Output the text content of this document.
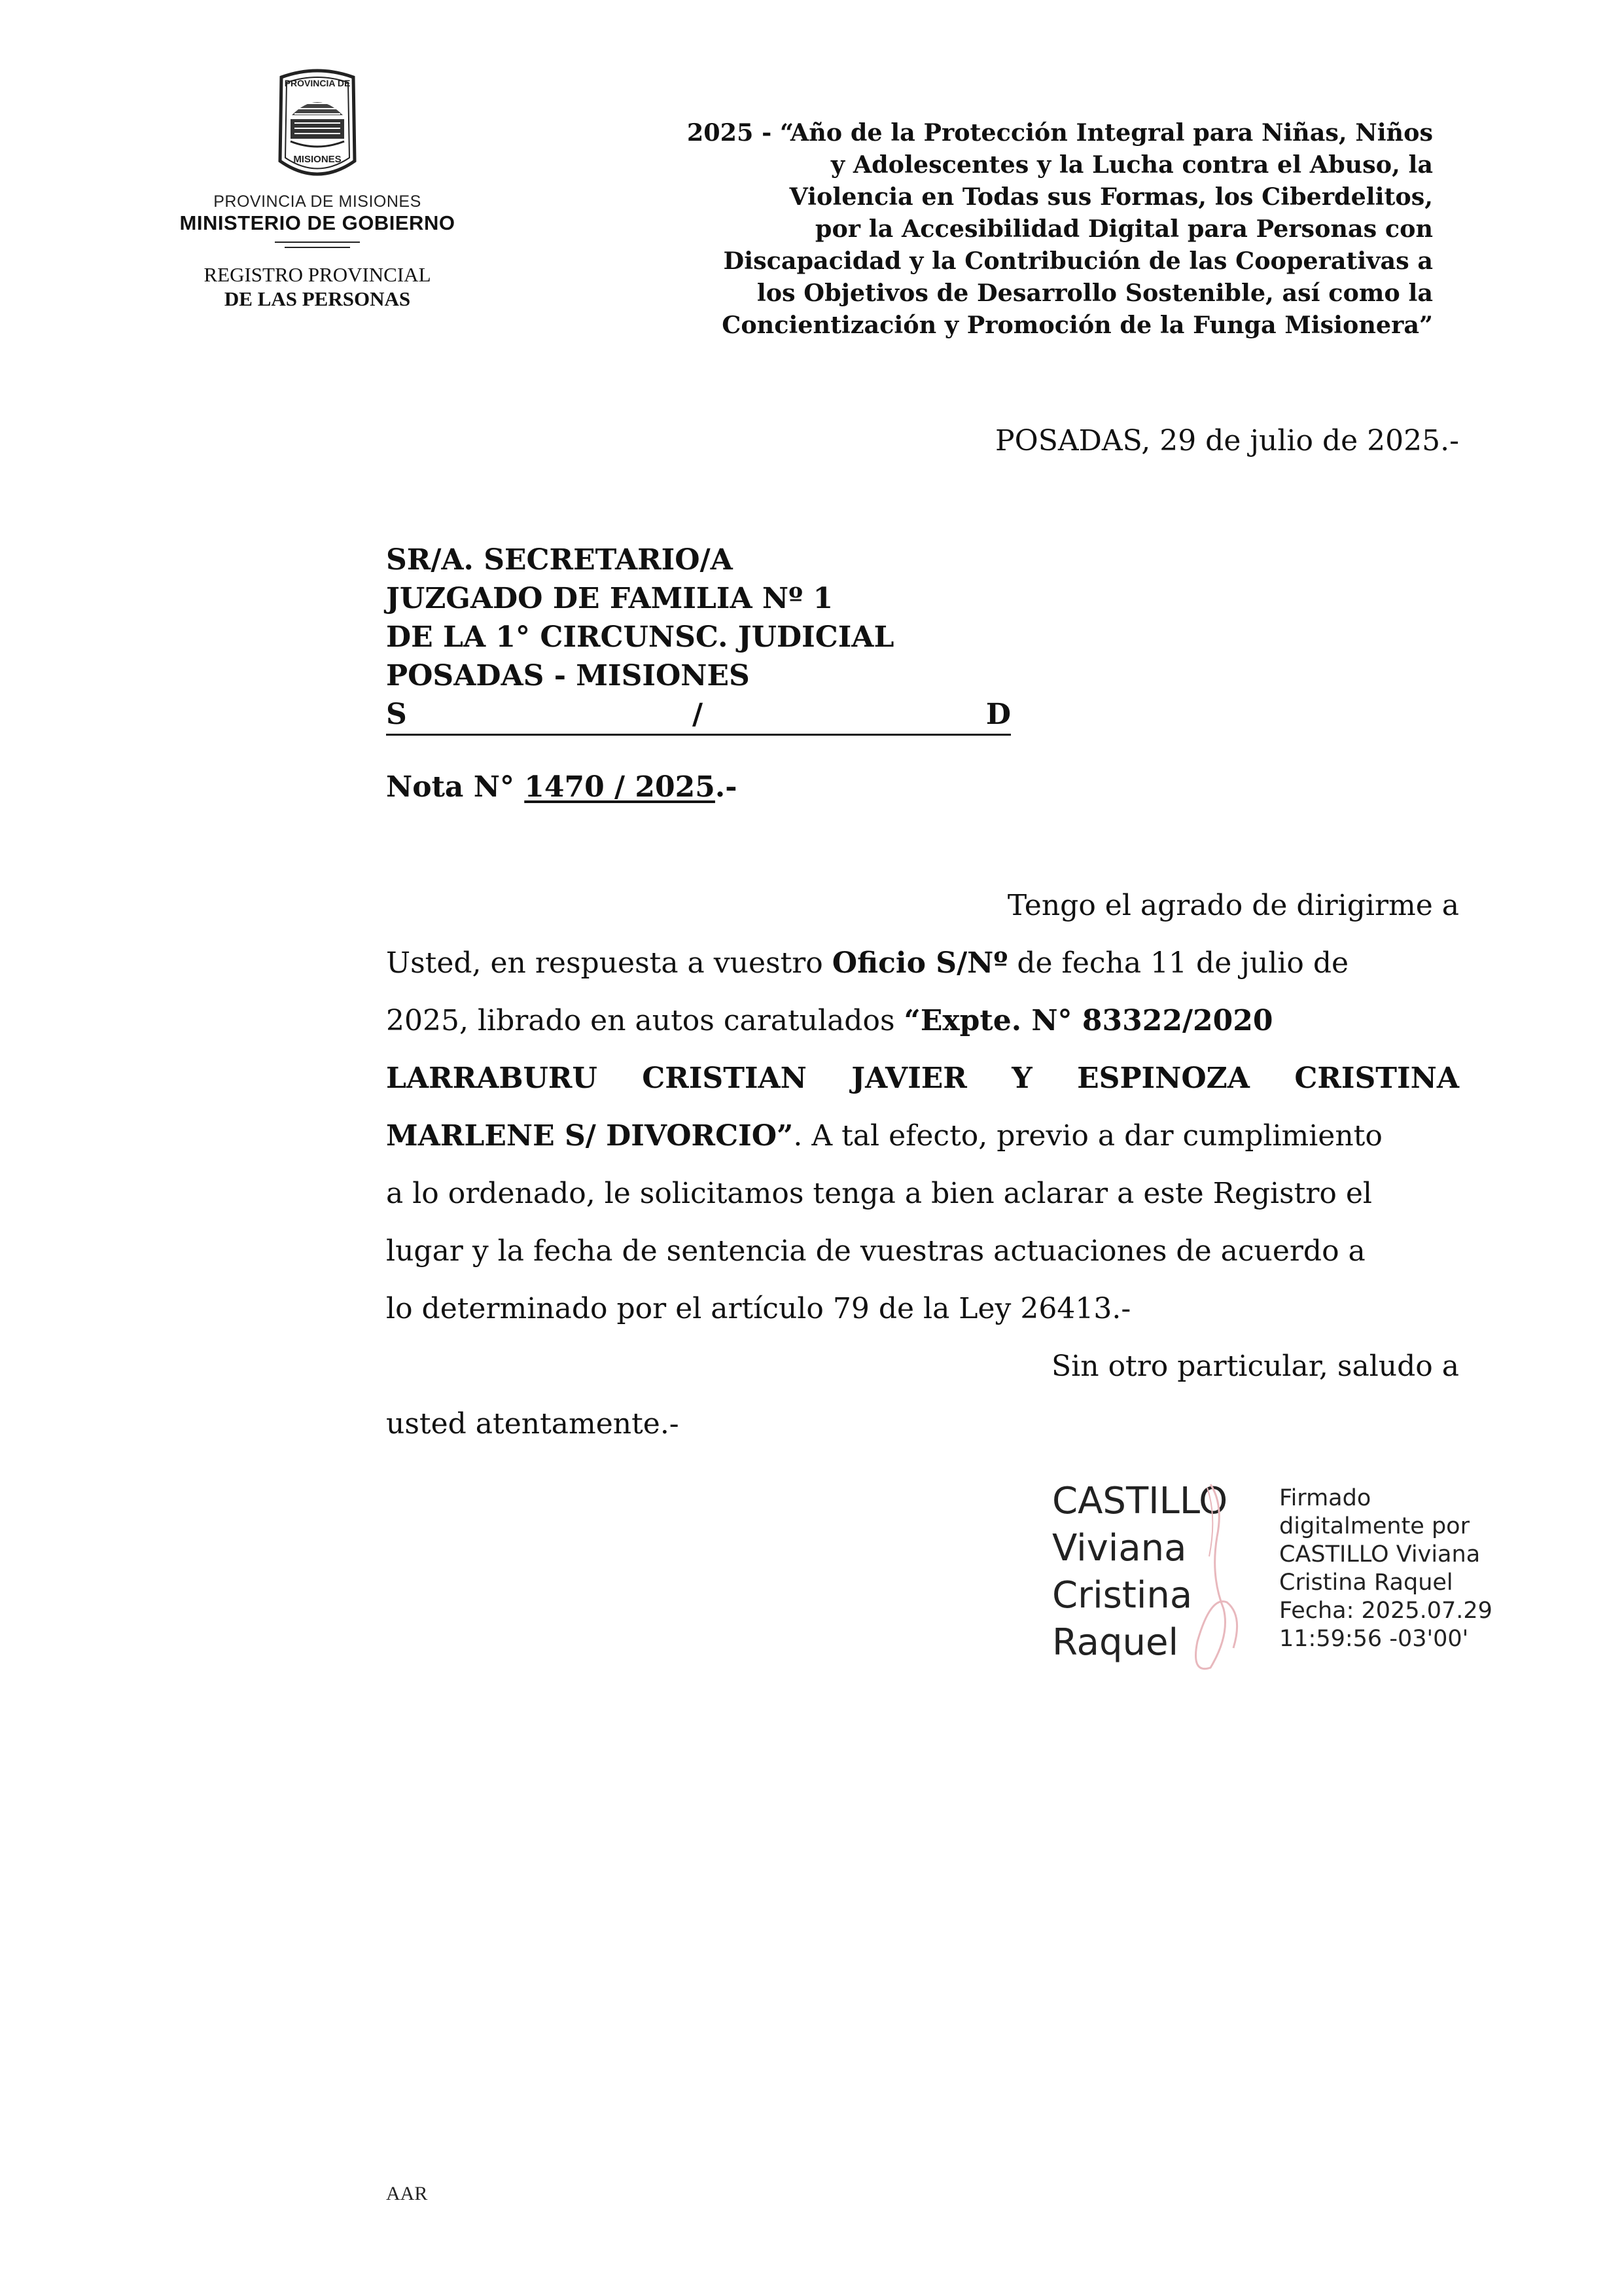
PROVINCIA DE
MISIONES
PROVINCIA DE MISIONES
MINISTERIO DE GOBIERNO
REGISTRO PROVINCIAL
DE LAS PERSONAS
2025 - “Año de la Protección Integral para Niñas, Niños
y Adolescentes y la Lucha contra el Abuso, la
Violencia en Todas sus Formas, los Ciberdelitos,
por la Accesibilidad Digital para Personas con
Discapacidad y la Contribución de las Cooperativas a
los Objetivos de Desarrollo Sostenible, así como la
Concientización y Promoción de la Funga Misionera”
POSADAS, 29 de julio de 2025.-
SR/A. SECRETARIO/A
JUZGADO DE FAMILIA Nº 1
DE LA 1° CIRCUNSC. JUDICIAL
POSADAS - MISIONES
S	/	D
Nota N° 1470 / 2025.-
Tengo el agrado de dirigirme a
Usted, en respuesta a vuestro Oficio S/Nº de fecha 11 de julio de
2025, librado en autos caratulados “Expte. N° 83322/2020
LARRABURU CRISTIAN JAVIER Y ESPINOZA CRISTINA
MARLENE S/ DIVORCIO” . A tal efecto, previo a dar cumplimiento
a lo ordenado, le solicitamos tenga a bien aclarar a este Registro el
lugar y la fecha de sentencia de vuestras actuaciones de acuerdo a
lo determinado por el artículo 79 de la Ley 26413.-
Sin otro particular, saludo a
usted atentamente.-
CASTILLO
Viviana
Cristina
Raquel
Firmado
digitalmente por
CASTILLO Viviana
Cristina Raquel
Fecha: 2025.07.29
11:59:56 -03'00'
AAR
